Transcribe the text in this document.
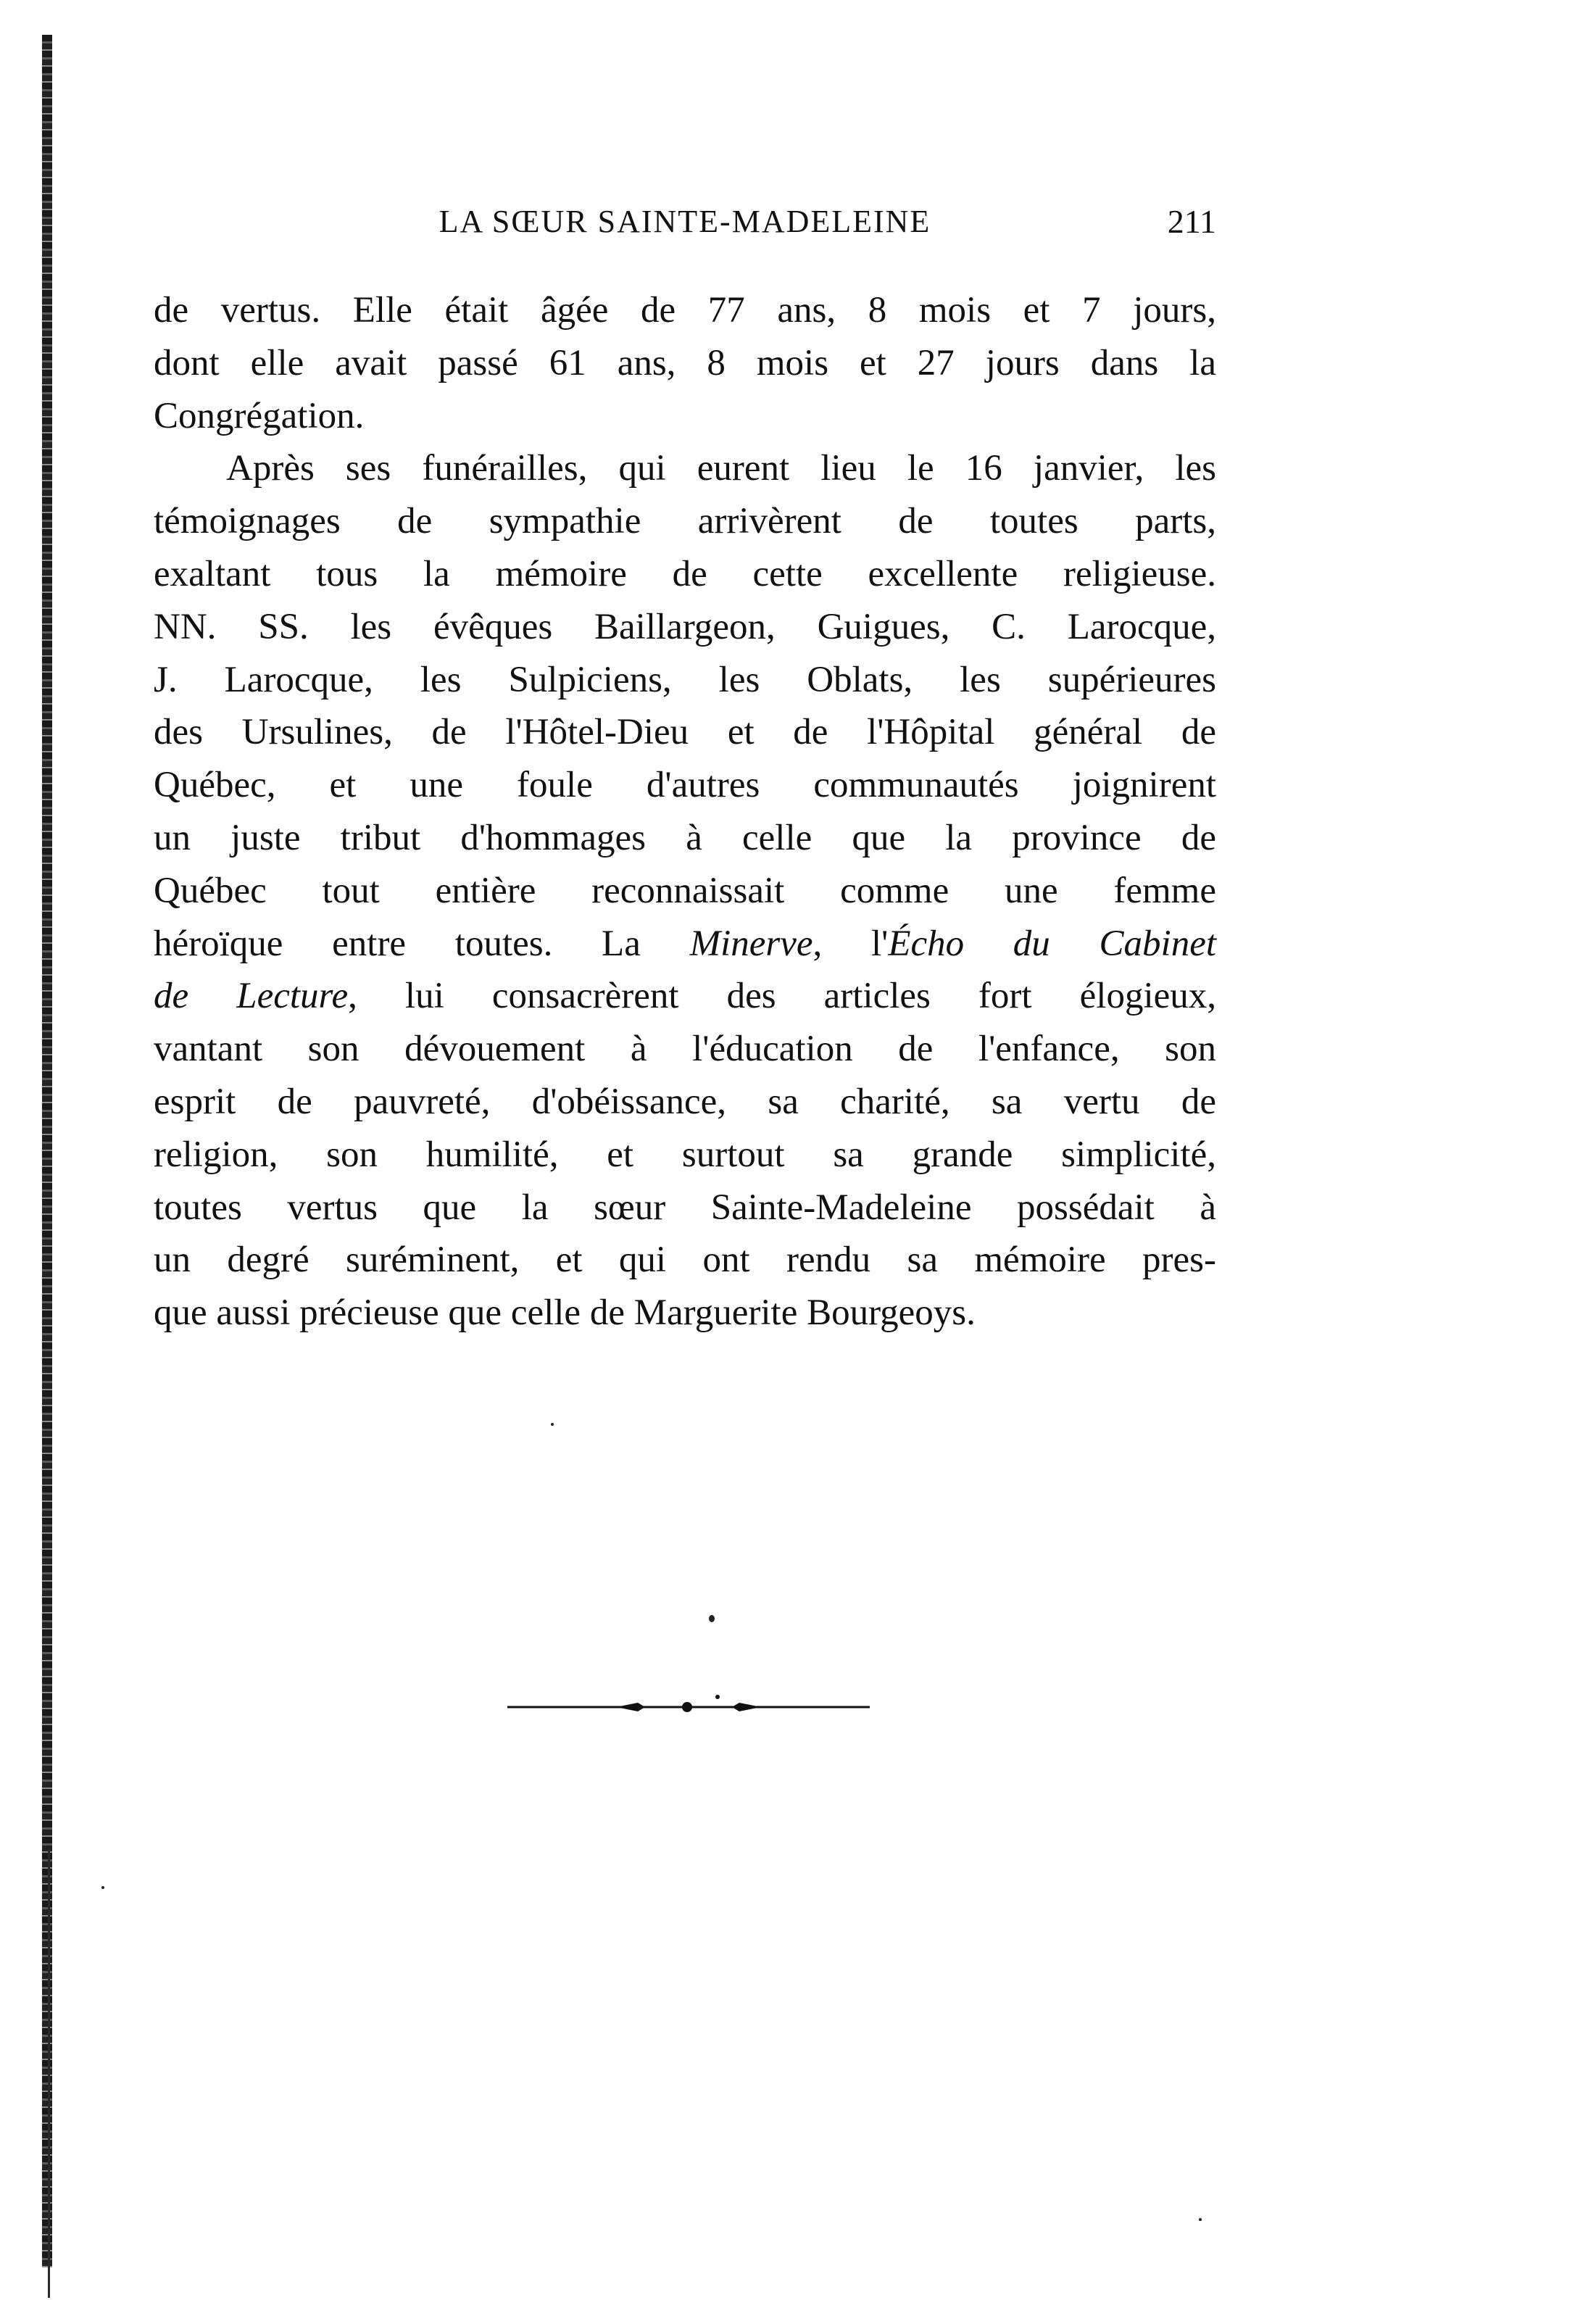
LA SŒUR SAINTE-MADELEINE	211
de vertus. Elle était âgée de 77 ans, 8 mois et 7 jours,
dont elle avait passé 61 ans, 8 mois et 27 jours dans la
Congrégation.
Après ses funérailles, qui eurent lieu le 16 janvier, les
témoignages de sympathie arrivèrent de toutes parts,
exaltant tous la mémoire de cette excellente religieuse.
NN. SS. les évêques Baillargeon, Guigues, C. Larocque,
J. Larocque, les Sulpiciens, les Oblats, les supérieures
des Ursulines, de l'Hôtel-Dieu et de l'Hôpital général de
Québec, et une foule d'autres communautés joignirent
un juste tribut d'hommages à celle que la province de
Québec tout entière reconnaissait comme une femme
héroïque entre toutes. La Minerve, l'Écho du Cabinet
de Lecture, lui consacrèrent des articles fort élogieux,
vantant son dévouement à l'éducation de l'enfance, son
esprit de pauvreté, d'obéissance, sa charité, sa vertu de
religion, son humilité, et surtout sa grande simplicité,
toutes vertus que la sœur Sainte-Madeleine possédait à
un degré suréminent, et qui ont rendu sa mémoire pres-
que aussi précieuse que celle de Marguerite Bourgeoys.
